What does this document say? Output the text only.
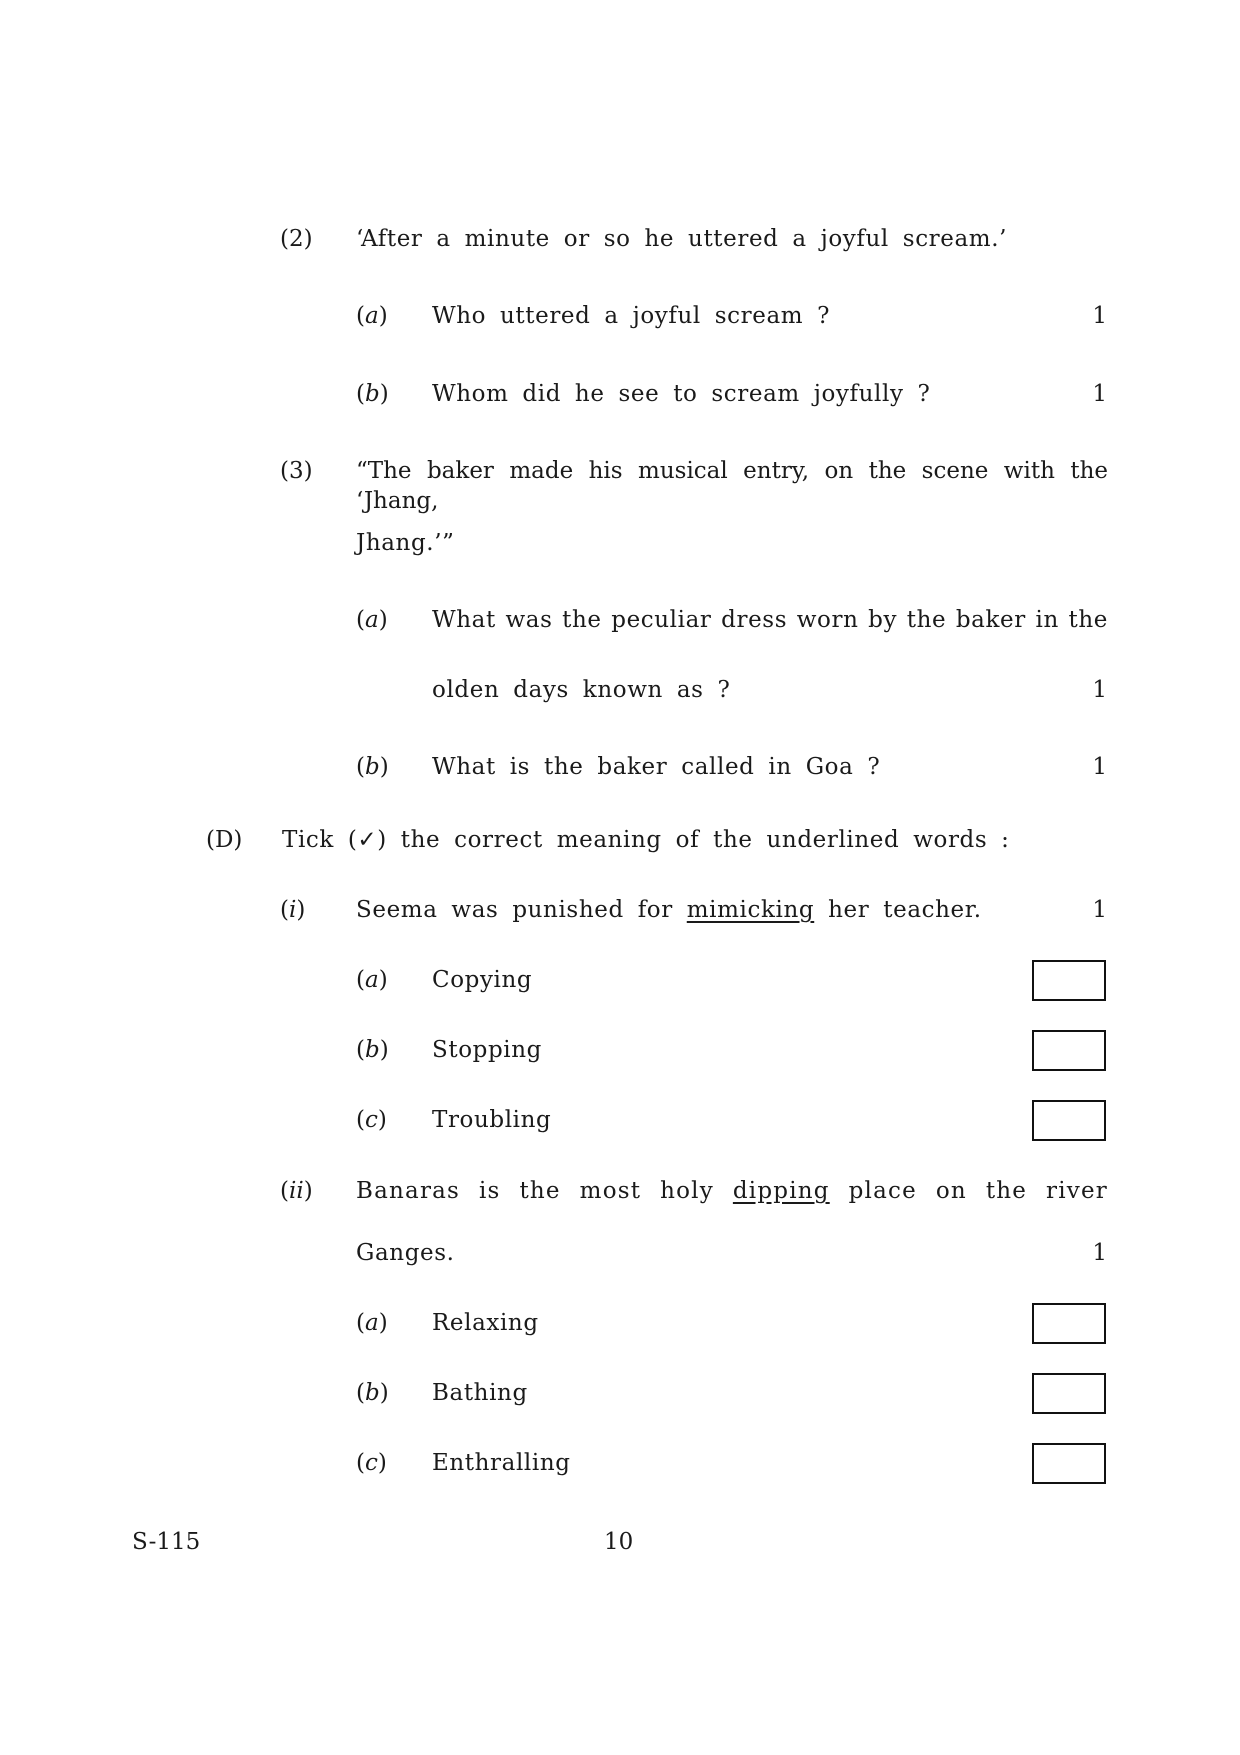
(2) ‘After a minute or so he uttered a joyful scream.’
(a) Who uttered a joyful scream ?	1
(b) Whom did he see to scream joyfully ?	1
(3) “The baker made his musical entry, on the scene with the ‘Jhang,
Jhang.’”
(a) What was the peculiar dress worn by the baker in the
olden days known as ?	1
(b) What is the baker called in Goa ?	1
(D) Tick (✓) the correct meaning of the underlined words :
(i) Seema was punished for mimicking her teacher.	1
(a) Copying
(b) Stopping
(c) Troubling
(ii) Banaras is the most holy dipping place on the river
Ganges.	1
(a) Relaxing
(b) Bathing
(c) Enthralling
S-115	10
